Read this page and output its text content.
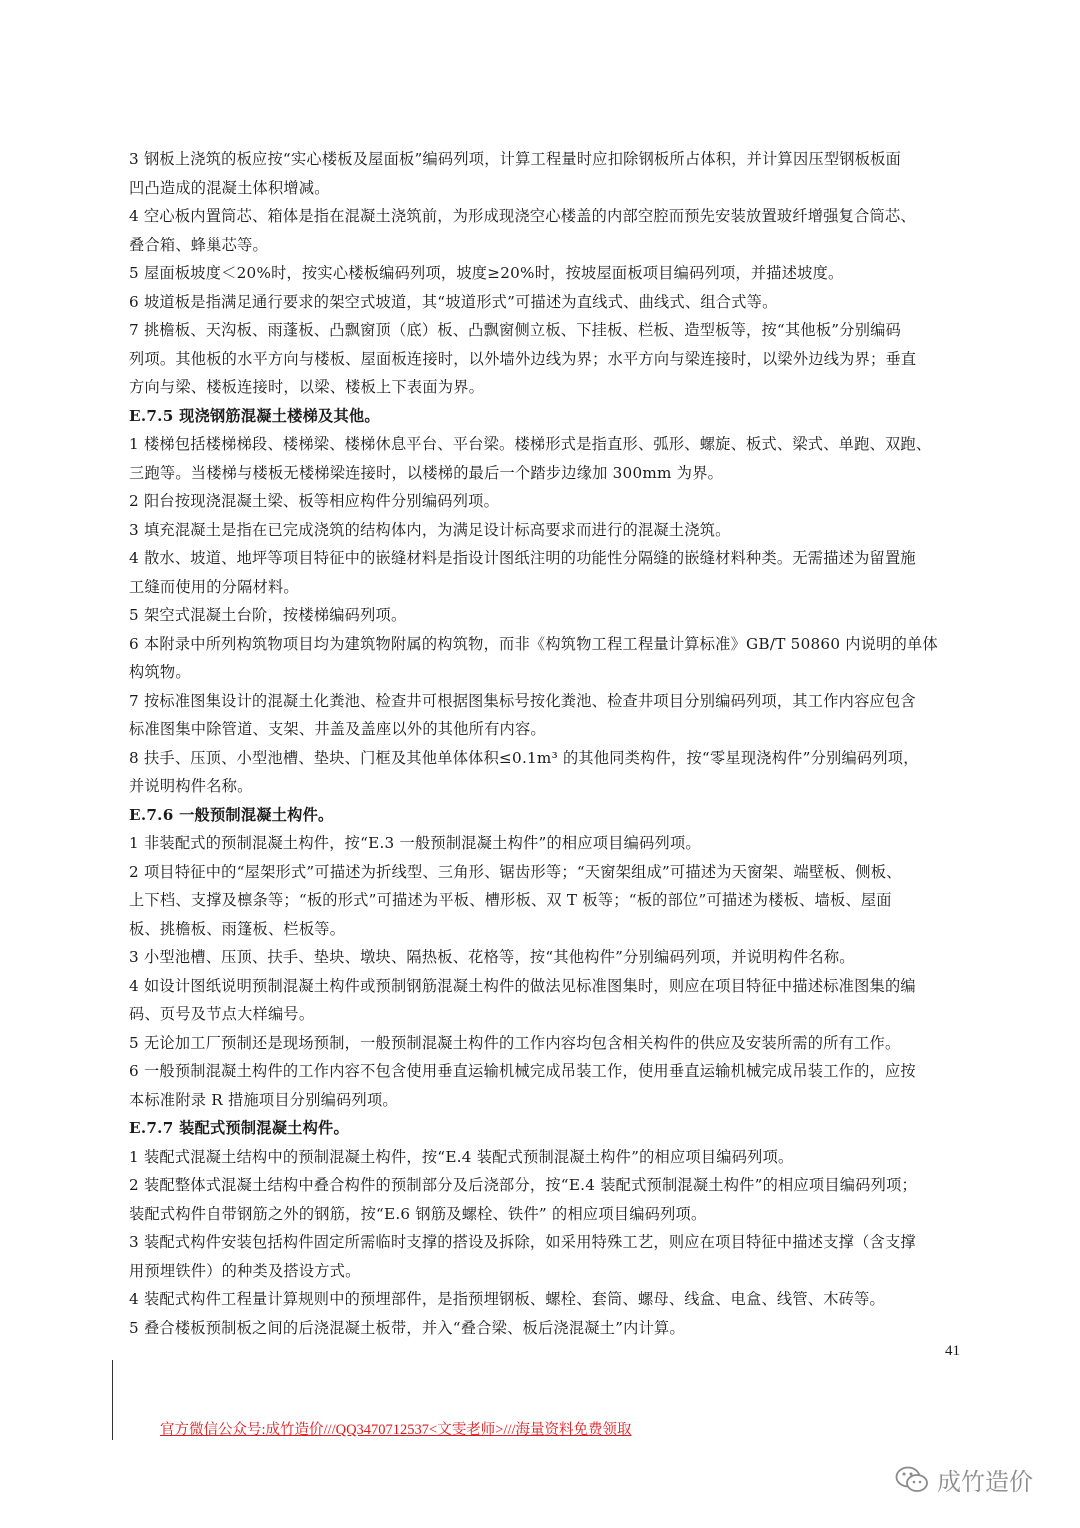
3 钢板上浇筑的板应按“实心楼板及屋面板”编码列项，计算工程量时应扣除钢板所占体积，并计算因压型钢板板面
凹凸造成的混凝土体积增减。
4 空心板内置筒芯、箱体是指在混凝土浇筑前，为形成现浇空心楼盖的内部空腔而预先安装放置玻纤增强复合筒芯、
叠合箱、蜂巢芯等。
5 屋面板坡度＜20%时，按实心楼板编码列项，坡度≥20%时，按坡屋面板项目编码列项，并描述坡度。
6 坡道板是指满足通行要求的架空式坡道，其“坡道形式”可描述为直线式、曲线式、组合式等。
7 挑檐板、天沟板、雨蓬板、凸飘窗顶（底）板、凸飘窗侧立板、下挂板、栏板、造型板等，按“其他板”分别编码
列项。其他板的水平方向与楼板、屋面板连接时，以外墙外边线为界；水平方向与梁连接时，以梁外边线为界；垂直
方向与梁、楼板连接时，以梁、楼板上下表面为界。
E.7.5 现浇钢筋混凝土楼梯及其他。
1 楼梯包括楼梯梯段、楼梯梁、楼梯休息平台、平台梁。楼梯形式是指直形、弧形、螺旋、板式、梁式、单跑、双跑、
三跑等。当楼梯与楼板无楼梯梁连接时，以楼梯的最后一个踏步边缘加 300mm 为界。
2 阳台按现浇混凝土梁、板等相应构件分别编码列项。
3 填充混凝土是指在已完成浇筑的结构体内，为满足设计标高要求而进行的混凝土浇筑。
4 散水、坡道、地坪等项目特征中的嵌缝材料是指设计图纸注明的功能性分隔缝的嵌缝材料种类。无需描述为留置施
工缝而使用的分隔材料。
5 架空式混凝土台阶，按楼梯编码列项。
6 本附录中所列构筑物项目均为建筑物附属的构筑物，而非《构筑物工程工程量计算标准》GB/T 50860 内说明的单体
构筑物。
7 按标准图集设计的混凝土化粪池、检查井可根据图集标号按化粪池、检查井项目分别编码列项，其工作内容应包含
标准图集中除管道、支架、井盖及盖座以外的其他所有内容。
8 扶手、压顶、小型池槽、垫块、门框及其他单体体积≤0.1m³ 的其他同类构件，按“零星现浇构件”分别编码列项，
并说明构件名称。
E.7.6 一般预制混凝土构件。
1 非装配式的预制混凝土构件，按“E.3 一般预制混凝土构件”的相应项目编码列项。
2 项目特征中的“屋架形式”可描述为折线型、三角形、锯齿形等；“天窗架组成”可描述为天窗架、端壁板、侧板、
上下档、支撑及檩条等；“板的形式”可描述为平板、槽形板、双 T 板等；“板的部位”可描述为楼板、墙板、屋面
板、挑檐板、雨篷板、栏板等。
3 小型池槽、压顶、扶手、垫块、墩块、隔热板、花格等，按“其他构件”分别编码列项，并说明构件名称。
4 如设计图纸说明预制混凝土构件或预制钢筋混凝土构件的做法见标准图集时，则应在项目特征中描述标准图集的编
码、页号及节点大样编号。
5 无论加工厂预制还是现场预制，一般预制混凝土构件的工作内容均包含相关构件的供应及安装所需的所有工作。
6 一般预制混凝土构件的工作内容不包含使用垂直运输机械完成吊装工作，使用垂直运输机械完成吊装工作的，应按
本标准附录 R 措施项目分别编码列项。
E.7.7 装配式预制混凝土构件。
1 装配式混凝土结构中的预制混凝土构件，按“E.4 装配式预制混凝土构件”的相应项目编码列项。
2 装配整体式混凝土结构中叠合构件的预制部分及后浇部分，按“E.4 装配式预制混凝土构件”的相应项目编码列项；
装配式构件自带钢筋之外的钢筋，按“E.6 钢筋及螺栓、铁件” 的相应项目编码列项。
3 装配式构件安装包括构件固定所需临时支撑的搭设及拆除，如采用特殊工艺，则应在项目特征中描述支撑（含支撑
用预埋铁件）的种类及搭设方式。
4 装配式构件工程量计算规则中的预埋部件，是指预埋钢板、螺栓、套筒、螺母、线盒、电盒、线管、木砖等。
5 叠合楼板预制板之间的后浇混凝土板带，并入“叠合梁、板后浇混凝土”内计算。
41
官方微信公众号:成竹造价///QQ3470712537<文雯老师>///海量资料免费领取
成竹造价
